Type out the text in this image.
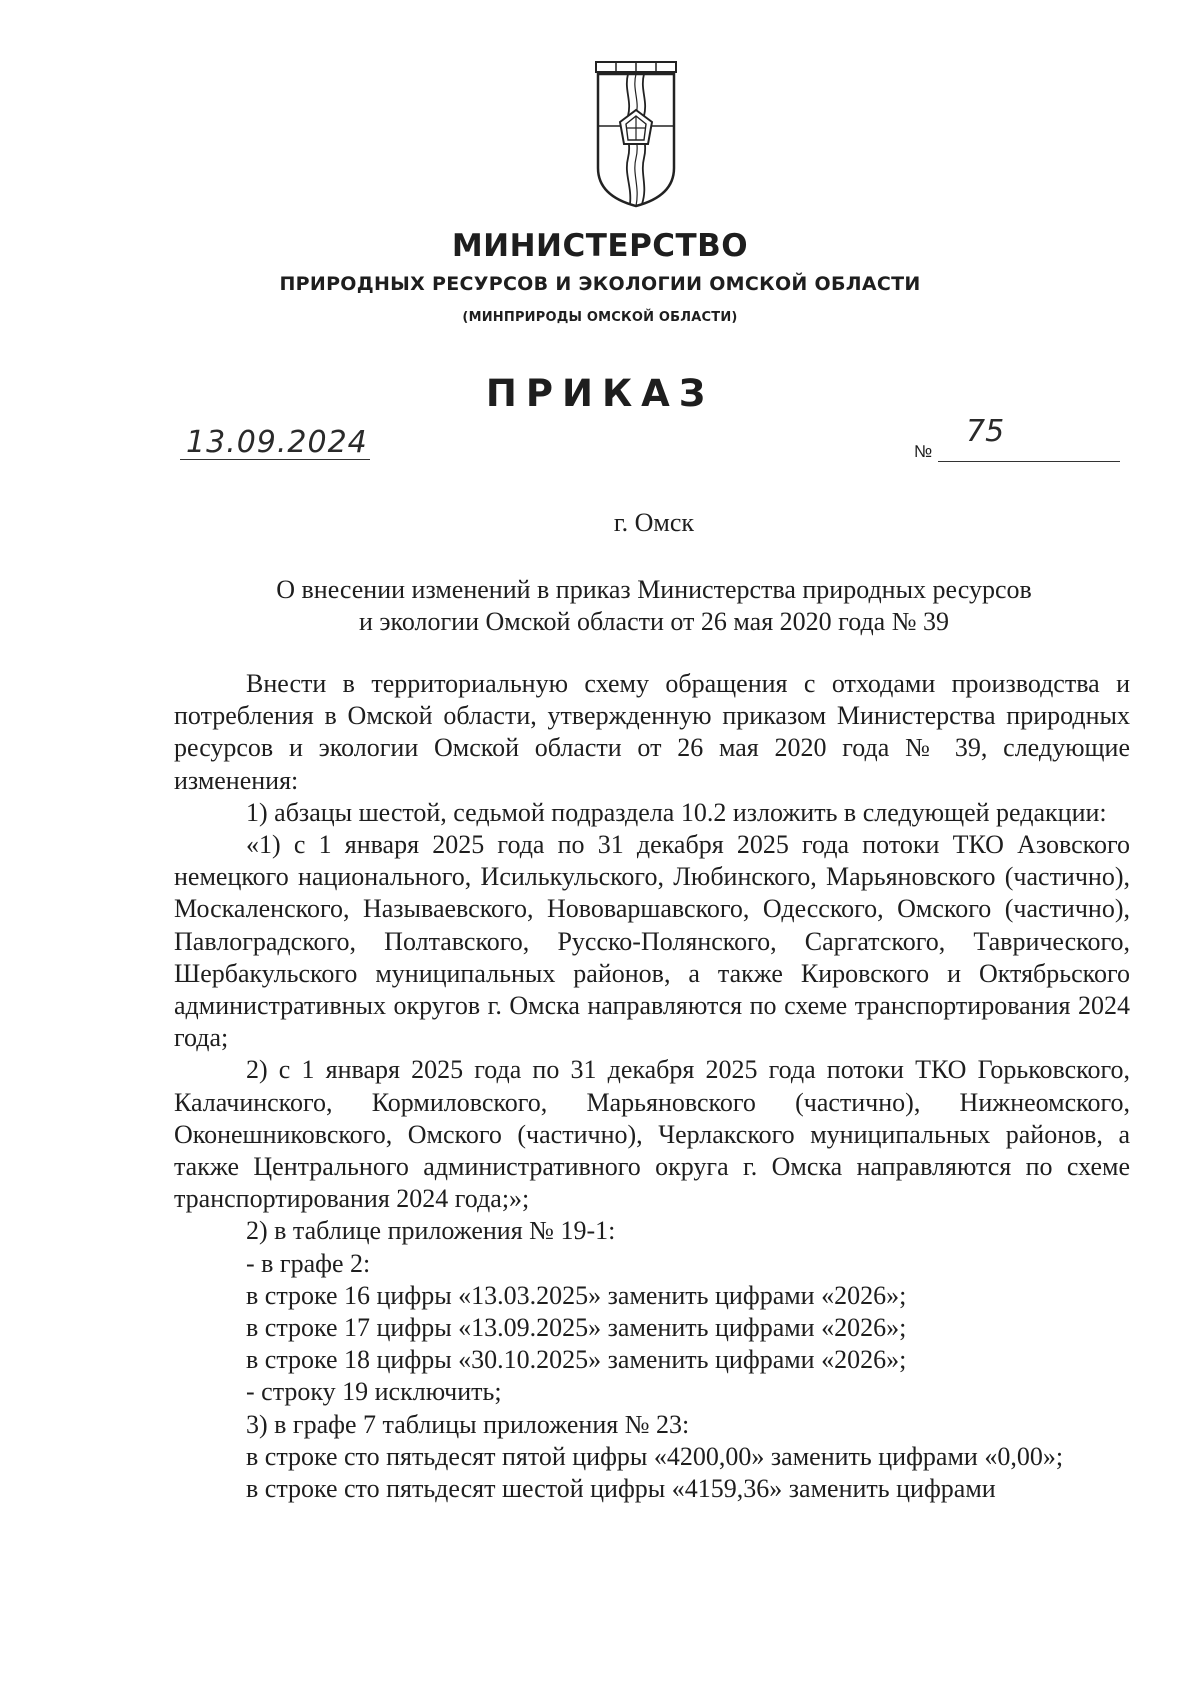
МИНИСТЕРСТВО
ПРИРОДНЫХ РЕСУРСОВ И ЭКОЛОГИИ ОМСКОЙ ОБЛАСТИ
(МИНПРИРОДЫ ОМСКОЙ ОБЛАСТИ)
ПРИКАЗ
13.09.2024	№
75
г. Омск
О внесении изменений в приказ Министерства природных ресурсов
и экологии Омской области от 26 мая 2020 года № 39

Внести в территориальную схему обращения с отходами производства и потребления в Омской области, утвержденную приказом Министерства природных ресурсов и экологии Омской области от 26 мая 2020 года № 39, следующие изменения:

1) абзацы шестой, седьмой подраздела 10.2 изложить в следующей редакции:

«1) с 1 января 2025 года по 31 декабря 2025 года потоки ТКО Азовского немецкого национального, Исилькульского, Любинского, Марьяновского (частично), Москаленского, Называевского, Нововаршавского, Одесского, Омского (частично), Павлоградского, Полтавского, Русско-Полянского, Саргатского, Таврического, Шербакульского муниципальных районов, а также Кировского и Октябрьского административных округов г. Омска направляются по схеме транспортирования 2024 года;

2) с 1 января 2025 года по 31 декабря 2025 года потоки ТКО Горьковского, Калачинского, Кормиловского, Марьяновского (частично), Нижнеомского, Оконешниковского, Омского (частично), Черлакского муниципальных районов, а также Центрального административного округа г. Омска направляются по схеме транспортирования 2024 года;»;

2) в таблице приложения № 19-1:

- в графе 2:

в строке 16 цифры «13.03.2025» заменить цифрами «2026»;

в строке 17 цифры «13.09.2025» заменить цифрами «2026»;

в строке 18 цифры «30.10.2025» заменить цифрами «2026»;

- строку 19 исключить;

3) в графе 7 таблицы приложения № 23:

в строке сто пятьдесят пятой цифры «4200,00» заменить цифрами «0,00»;

в строке сто пятьдесят шестой цифры «4159,36» заменить цифрами
